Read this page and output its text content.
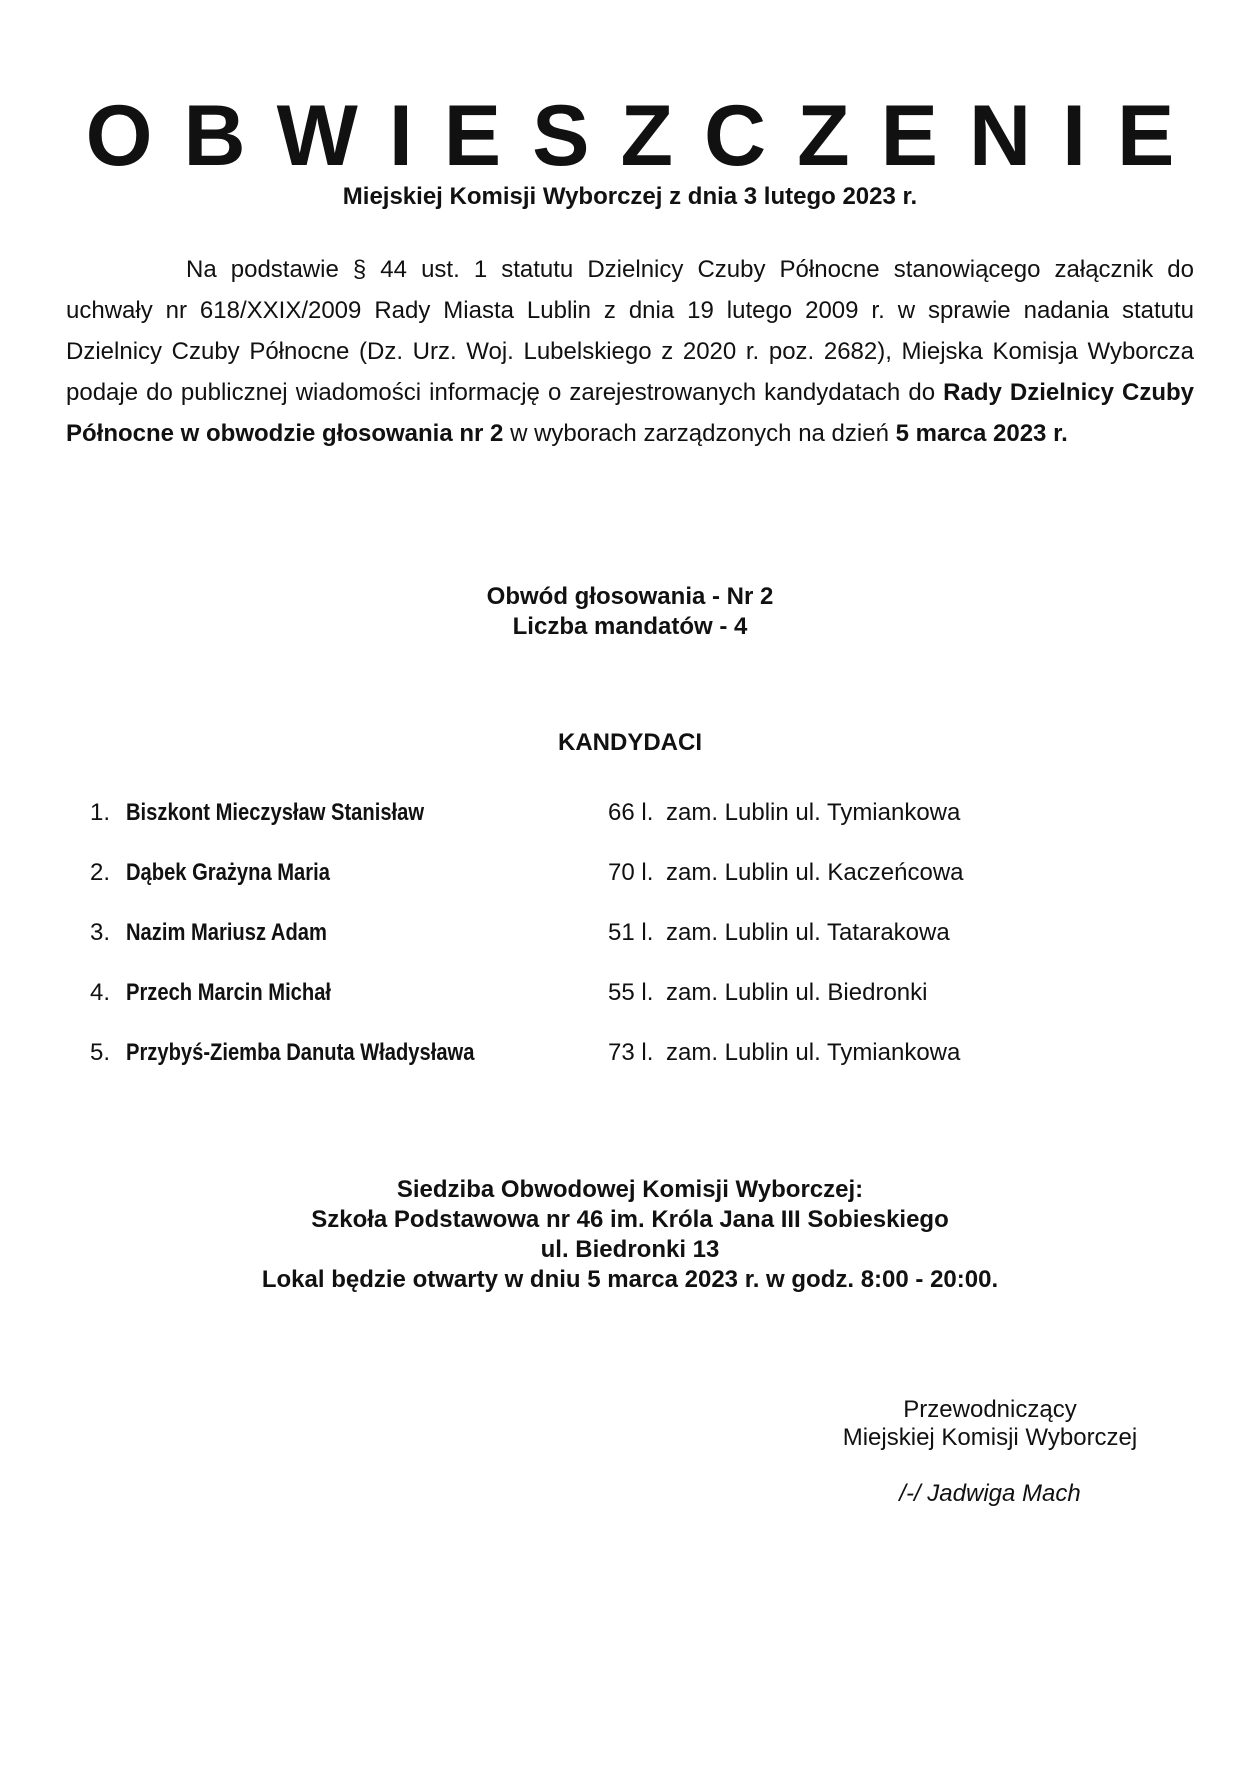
OBWIESZCZENIE
Miejskiej Komisji Wyborczej z dnia 3 lutego 2023 r.
Na podstawie § 44 ust. 1 statutu Dzielnicy Czuby Północne stanowiącego załącznik do uchwały nr 618/XXIX/2009 Rady Miasta Lublin z dnia 19 lutego 2009 r. w sprawie nadania statutu Dzielnicy Czuby Północne (Dz. Urz. Woj. Lubelskiego z 2020 r. poz. 2682), Miejska Komisja Wyborcza podaje do publicznej wiadomości informację o zarejestrowanych kandydatach do Rady Dzielnicy Czuby Północne w obwodzie głosowania nr 2 w wyborach zarządzonych na dzień 5 marca 2023 r.
Obwód głosowania - Nr 2
Liczba mandatów - 4
KANDYDACI
1. Biszkont Mieczysław Stanisław	66 l. zam. Lublin ul. Tymiankowa
2. Dąbek Grażyna Maria	70 l. zam. Lublin ul. Kaczeńcowa
3. Nazim Mariusz Adam	51 l. zam. Lublin ul. Tatarakowa
4. Przech Marcin Michał	55 l. zam. Lublin ul. Biedronki
5. Przybyś-Ziemba Danuta Władysława	73 l. zam. Lublin ul. Tymiankowa
Siedziba Obwodowej Komisji Wyborczej:
Szkoła Podstawowa nr 46 im. Króla Jana III Sobieskiego
ul. Biedronki 13
Lokal będzie otwarty w dniu 5 marca 2023 r. w godz. 8:00 - 20:00.
Przewodniczący
Miejskiej Komisji Wyborczej
/-/ Jadwiga Mach
